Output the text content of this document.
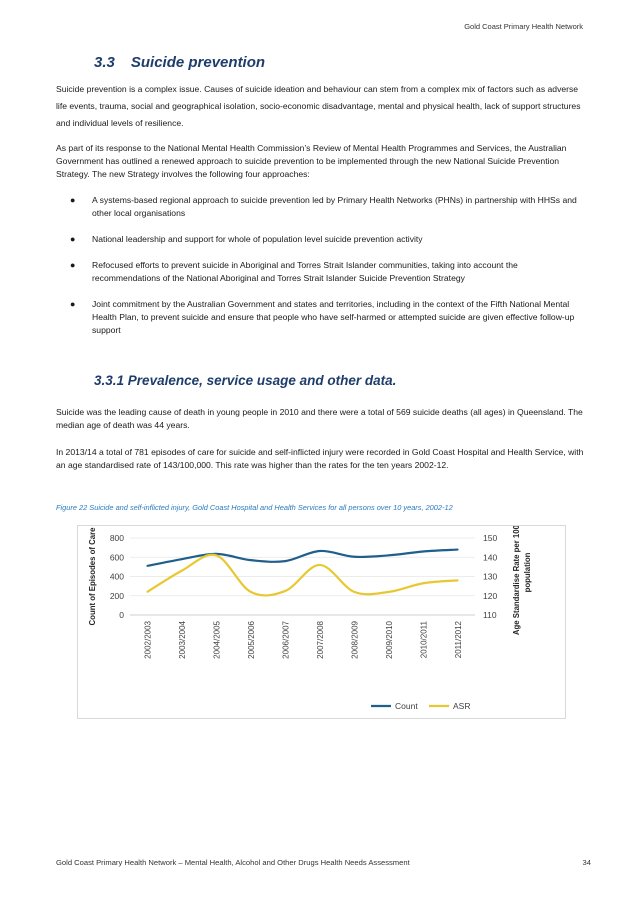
Gold Coast Primary Health Network
3.3 Suicide prevention
Suicide prevention is a complex issue. Causes of suicide ideation and behaviour can stem from a complex mix of factors such as adverse life events, trauma, social and geographical isolation, socio-economic disadvantage, mental and physical health, lack of support structures and individual levels of resilience.
As part of its response to the National Mental Health Commission’s Review of Mental Health Programmes and Services, the Australian Government has outlined a renewed approach to suicide prevention to be implemented through the new National Suicide Prevention Strategy. The new Strategy involves the following four approaches:
● A systems-based regional approach to suicide prevention led by Primary Health Networks (PHNs) in partnership with HHSs and other local organisations
● National leadership and support for whole of population level suicide prevention activity
● Refocused efforts to prevent suicide in Aboriginal and Torres Strait Islander communities, taking into account the recommendations of the National Aboriginal and Torres Strait Islander Suicide Prevention Strategy
● Joint commitment by the Australian Government and states and territories, including in the context of the Fifth National Mental Health Plan, to prevent suicide and ensure that people who have self-harmed or attempted suicide are given effective follow-up support
3.3.1 Prevalence, service usage and other data.
Suicide was the leading cause of death in young people in 2010 and there were a total of 569 suicide deaths (all ages) in Queensland. The median age of death was 44 years.
In 2013/14 a total of 781 episodes of care for suicide and self-inflicted injury were recorded in Gold Coast Hospital and Health Service, with an age standardised rate of 143/100,000. This rate was higher than the rates for the ten years 2002-12.
Figure 22 Suicide and self-inflicted injury, Gold Coast Hospital and Health Services for all persons over 10 years, 2002-12
0
200
400
600
800
110
120
130
140
150
2002/2003	2003/2004	2004/2005	2005/2006	2006/2007	2007/2008	2008/2009	2009/2010	2010/2011	2011/2012
Count of Episodes of Care	Age Standardise Rate per 100,000 population
Count	ASR
Gold Coast Primary Health Network – Mental Health, Alcohol and Other Drugs Health Needs Assessment	34
